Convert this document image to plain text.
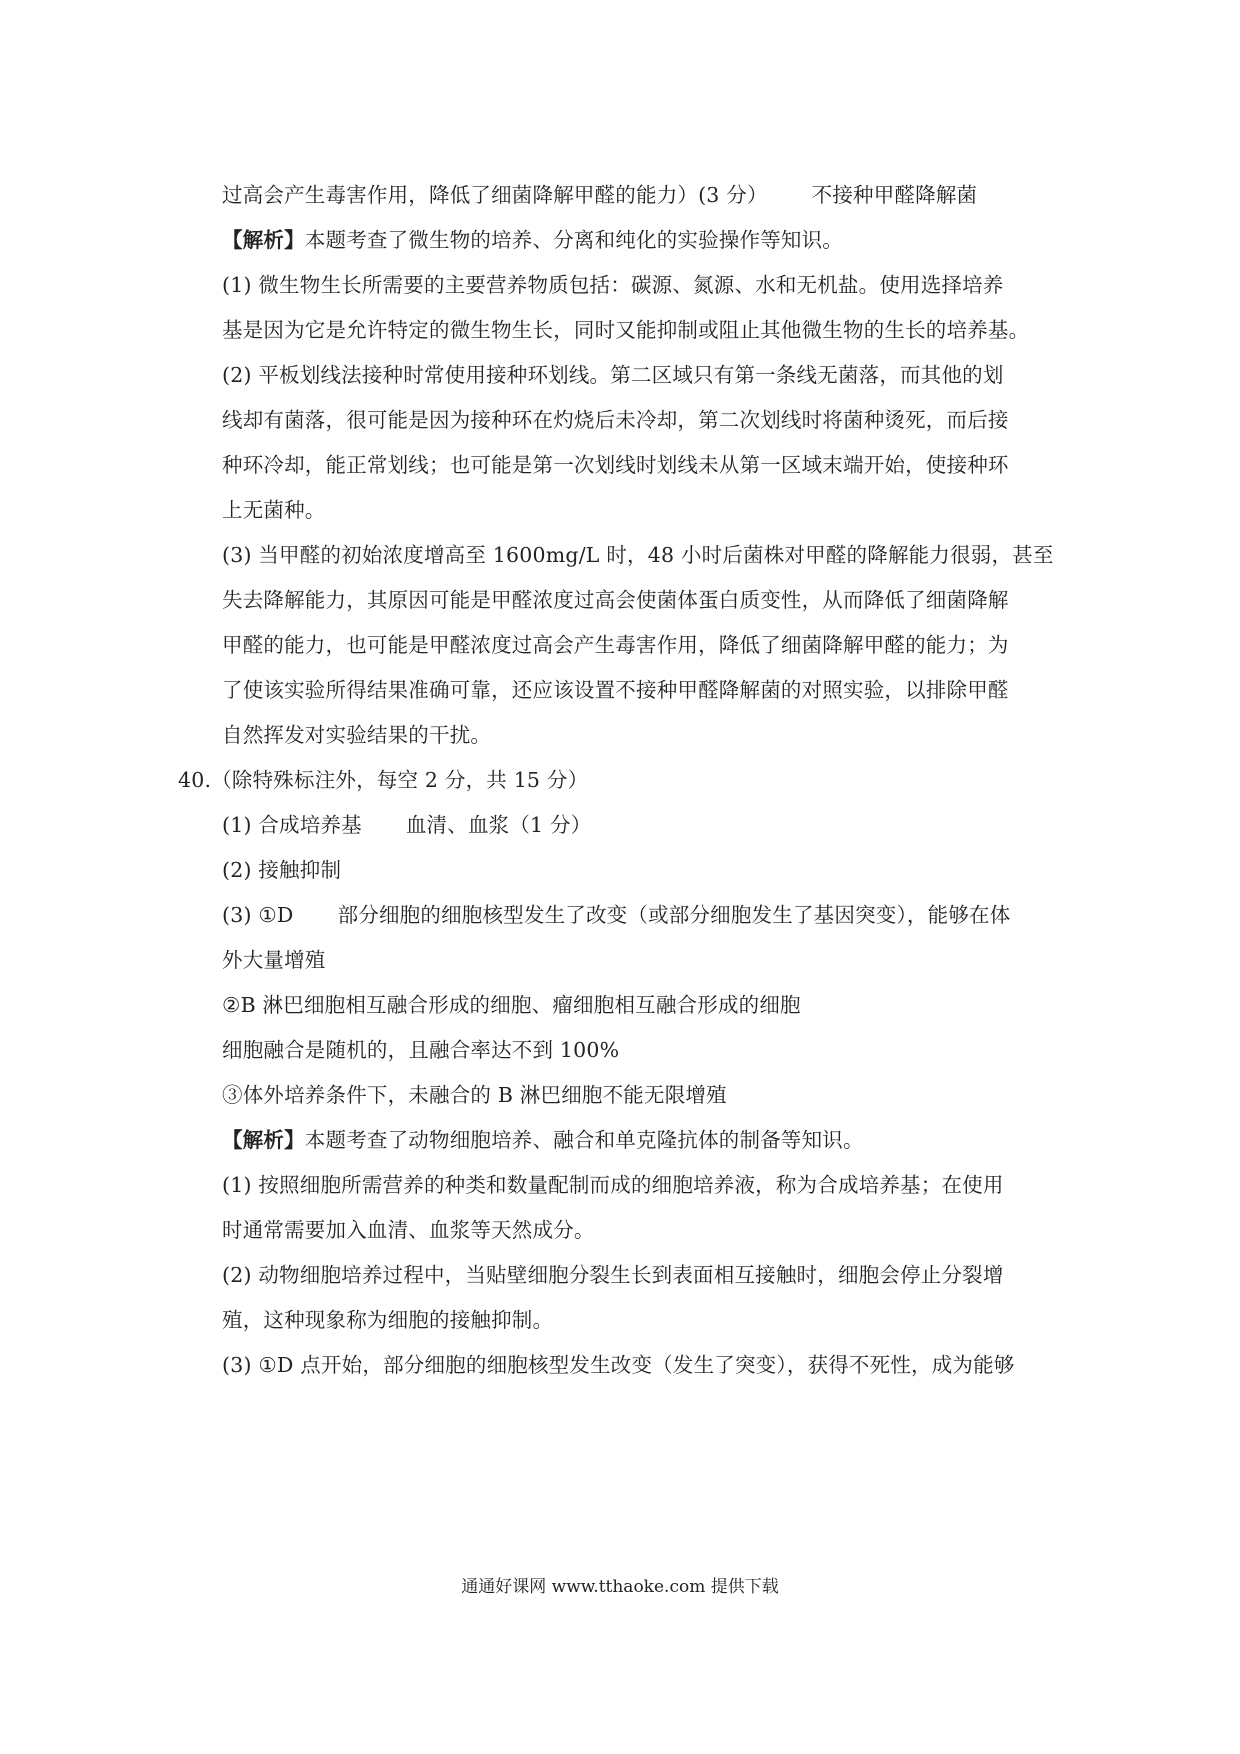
过高会产生毒害作用，降低了细菌降解甲醛的能力）(3 分） 不接种甲醛降解菌
【解析】本题考查了微生物的培养、分离和纯化的实验操作等知识。
(1) 微生物生长所需要的主要营养物质包括：碳源、氮源、水和无机盐。使用选择培养
基是因为它是允许特定的微生物生长，同时又能抑制或阻止其他微生物的生长的培养基。
(2) 平板划线法接种时常使用接种环划线。第二区域只有第一条线无菌落，而其他的划
线却有菌落，很可能是因为接种环在灼烧后未冷却，第二次划线时将菌种烫死，而后接
种环冷却，能正常划线；也可能是第一次划线时划线未从第一区域末端开始，使接种环
上无菌种。
(3) 当甲醛的初始浓度增高至 1600mg/L 时，48 小时后菌株对甲醛的降解能力很弱，甚至
失去降解能力，其原因可能是甲醛浓度过高会使菌体蛋白质变性，从而降低了细菌降解
甲醛的能力，也可能是甲醛浓度过高会产生毒害作用，降低了细菌降解甲醛的能力；为
了使该实验所得结果准确可靠，还应该设置不接种甲醛降解菌的对照实验，以排除甲醛
自然挥发对实验结果的干扰。
40.（除特殊标注外，每空 2 分，共 15 分）
(1) 合成培养基 血清、血浆（1 分）
(2) 接触抑制
(3) ①D 部分细胞的细胞核型发生了改变（或部分细胞发生了基因突变），能够在体
外大量增殖
②B 淋巴细胞相互融合形成的细胞、瘤细胞相互融合形成的细胞
细胞融合是随机的，且融合率达不到 100%
③体外培养条件下，未融合的 B 淋巴细胞不能无限增殖
【解析】本题考查了动物细胞培养、融合和单克隆抗体的制备等知识。
(1) 按照细胞所需营养的种类和数量配制而成的细胞培养液，称为合成培养基；在使用
时通常需要加入血清、血浆等天然成分。
(2) 动物细胞培养过程中，当贴壁细胞分裂生长到表面相互接触时，细胞会停止分裂增
殖，这种现象称为细胞的接触抑制。
(3) ①D 点开始，部分细胞的细胞核型发生改变（发生了突变），获得不死性，成为能够
通通好课网 www.tthaoke.com 提供下载
